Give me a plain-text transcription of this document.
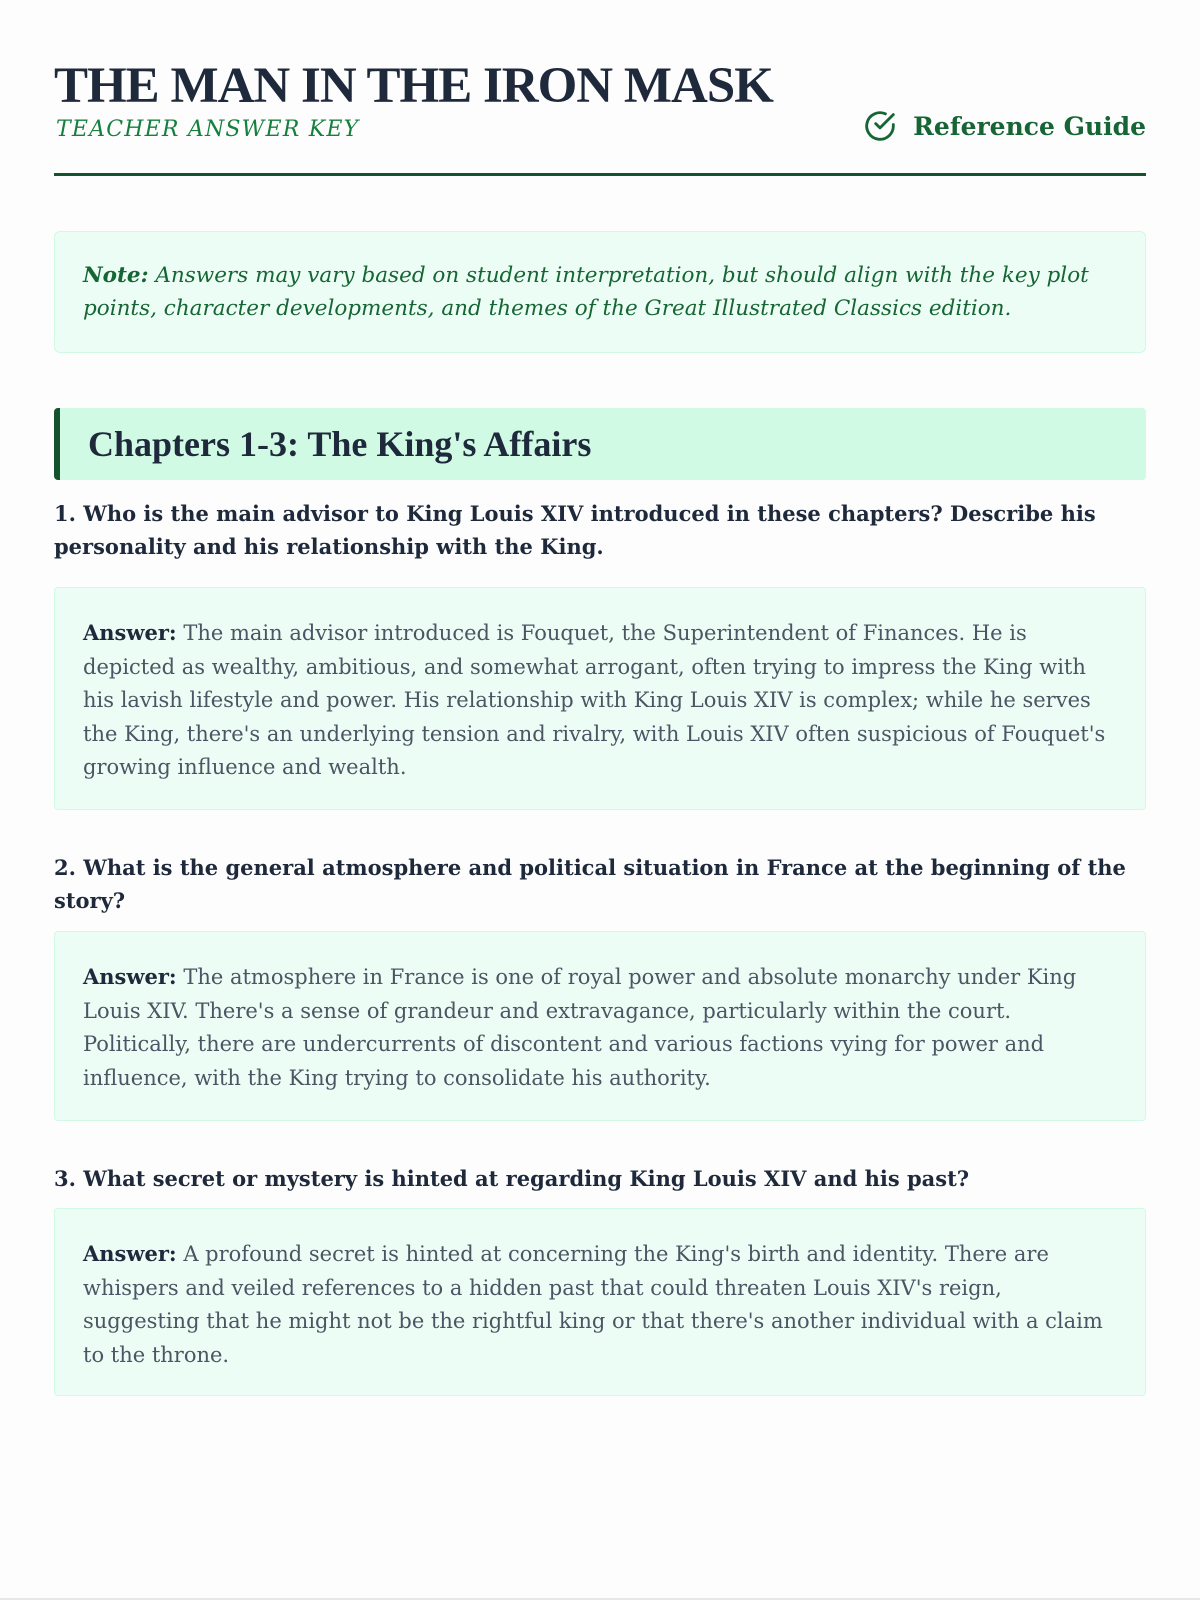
THE MAN IN THE IRON MASK
TEACHER ANSWER KEY	Reference Guide
Note: Answers may vary based on student interpretation, but should align with the key plot points, character developments, and themes of the Great Illustrated Classics edition.
Chapters 1-3: The King's Affairs

1. Who is the main advisor to King Louis XIV introduced in these chapters? Describe his personality and his relationship with the King.

Answer: The main advisor introduced is Fouquet, the Superintendent of Finances. He is depicted as wealthy, ambitious, and somewhat arrogant, often trying to impress the King with his lavish lifestyle and power. His relationship with King Louis XIV is complex; while he serves the King, there's an underlying tension and rivalry, with Louis XIV often suspicious of Fouquet's growing influence and wealth.

2. What is the general atmosphere and political situation in France at the beginning of the story?

Answer: The atmosphere in France is one of royal power and absolute monarchy under King Louis XIV. There's a sense of grandeur and extravagance, particularly within the court. Politically, there are undercurrents of discontent and various factions vying for power and influence, with the King trying to consolidate his authority.

3. What secret or mystery is hinted at regarding King Louis XIV and his past?

Answer: A profound secret is hinted at concerning the King's birth and identity. There are whispers and veiled references to a hidden past that could threaten Louis XIV's reign, suggesting that he might not be the rightful king or that there's another individual with a claim to the throne.
